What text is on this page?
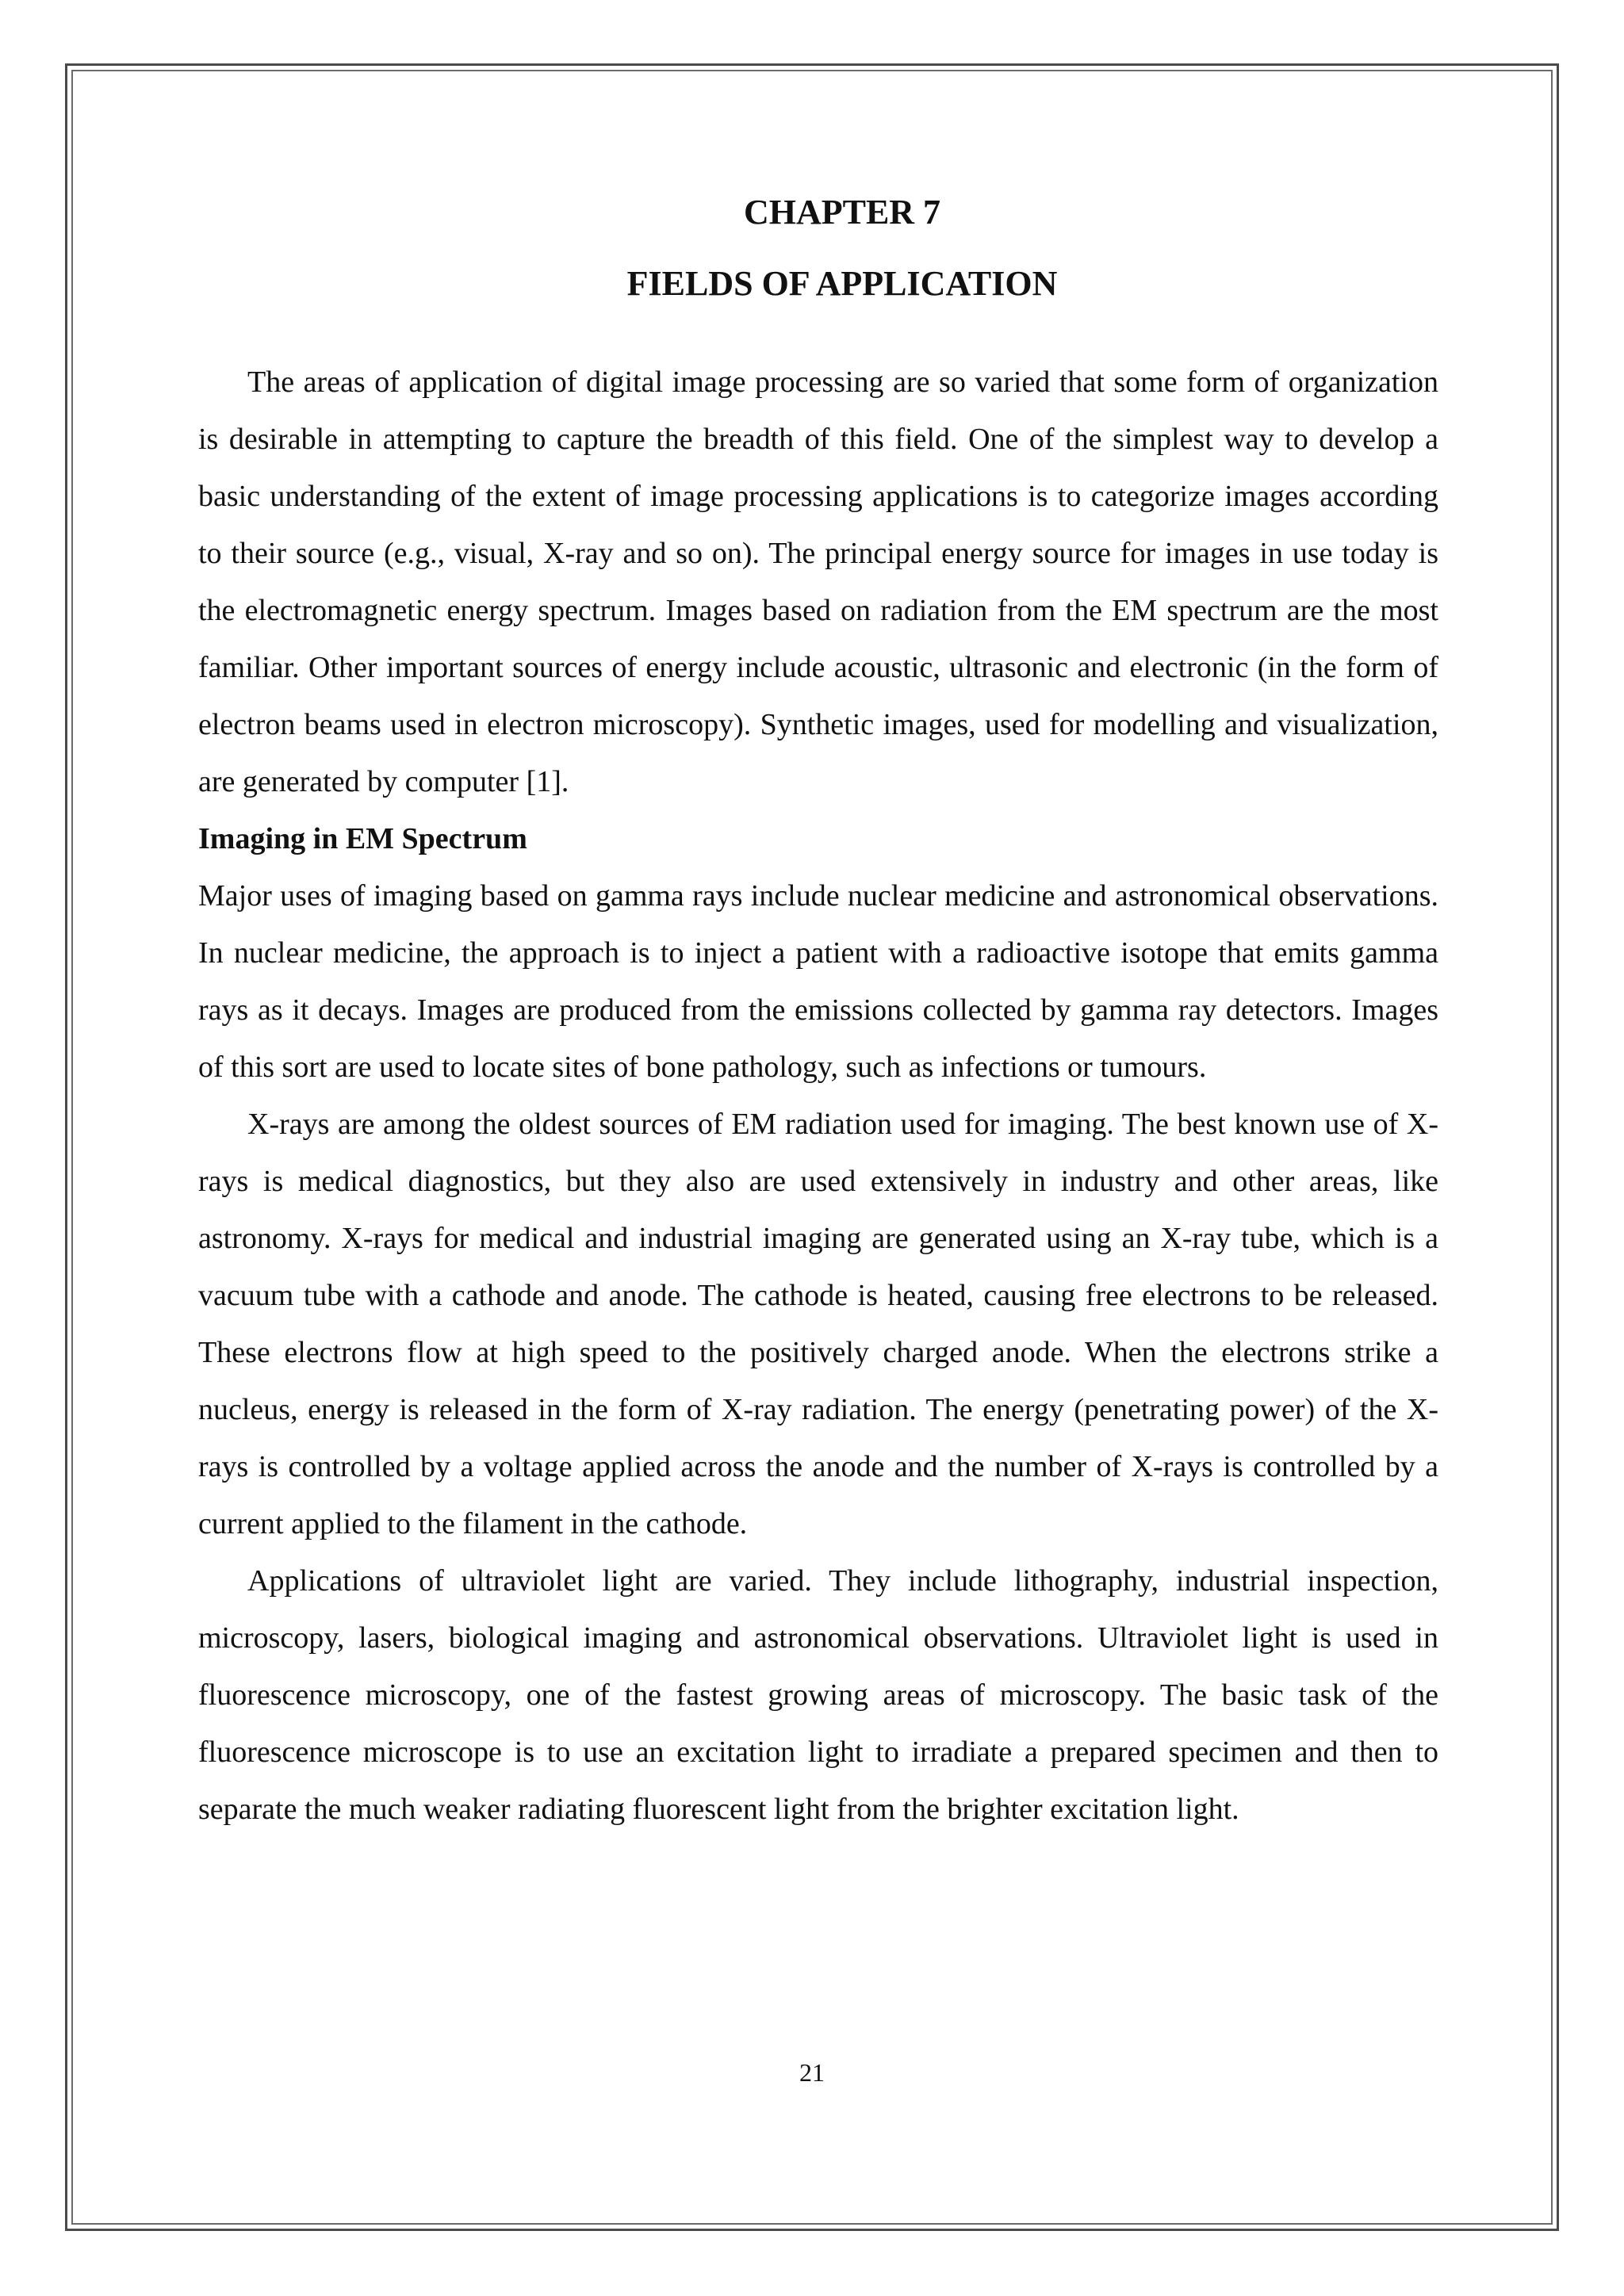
CHAPTER 7
FIELDS OF APPLICATION

The areas of application of digital image processing are so varied that some form of organization is desirable in attempting to capture the breadth of this field. One of the simplest way to develop a basic understanding of the extent of image processing applications is to categorize images according to their source (e.g., visual, X-ray and so on). The principal energy source for images in use today is the electromagnetic energy spectrum. Images based on radiation from the EM spectrum are the most familiar. Other important sources of energy include acoustic, ultrasonic and electronic (in the form of electron beams used in electron microscopy). Synthetic images, used for modelling and visualization, are generated by computer [1].

Imaging in EM Spectrum

Major uses of imaging based on gamma rays include nuclear medicine and astronomical observations. In nuclear medicine, the approach is to inject a patient with a radioactive isotope that emits gamma rays as it decays. Images are produced from the emissions collected by gamma ray detectors. Images of this sort are used to locate sites of bone pathology, such as infections or tumours.

X-rays are among the oldest sources of EM radiation used for imaging. The best known use of X-rays is medical diagnostics, but they also are used extensively in industry and other areas, like astronomy. X-rays for medical and industrial imaging are generated using an X-ray tube, which is a vacuum tube with a cathode and anode. The cathode is heated, causing free electrons to be released. These electrons flow at high speed to the positively charged anode. When the electrons strike a nucleus, energy is released in the form of X-ray radiation. The energy (penetrating power) of the X-rays is controlled by a voltage applied across the anode and the number of X-rays is controlled by a current applied to the filament in the cathode.

Applications of ultraviolet light are varied. They include lithography, industrial inspection, microscopy, lasers, biological imaging and astronomical observations. Ultraviolet light is used in fluorescence microscopy, one of the fastest growing areas of microscopy. The basic task of the fluorescence microscope is to use an excitation light to irradiate a prepared specimen and then to separate the much weaker radiating fluorescent light from the brighter excitation light.

21
